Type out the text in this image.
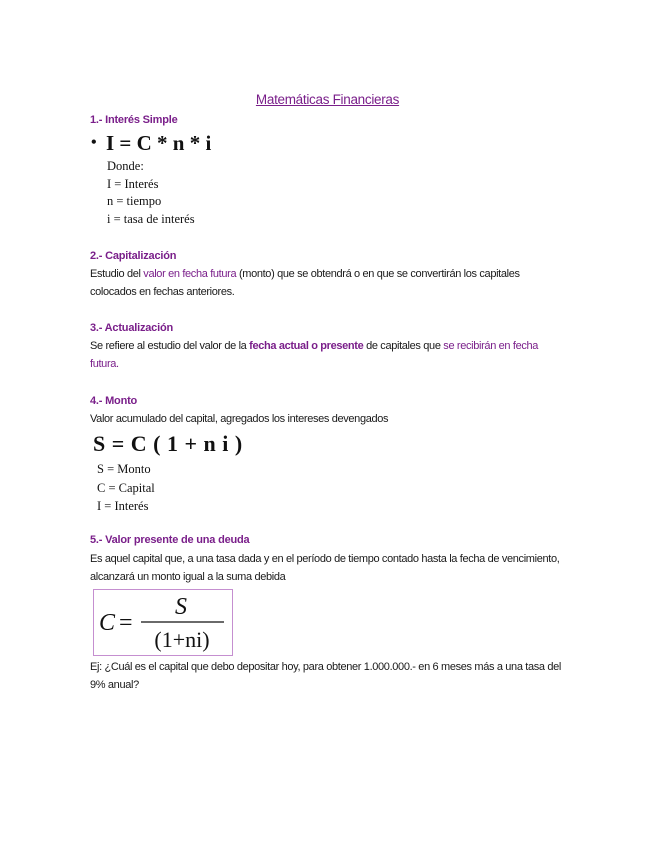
Matemáticas Financieras
1.- Interés Simple
• I = C * n * i
Donde:
I = Interés
n = tiempo
i = tasa de interés
2.- Capitalización
Estudio del valor en fecha futura (monto) que se obtendrá o en que se convertirán los capitales colocados en fechas anteriores.
3.- Actualización
Se refiere al estudio del valor de la fecha actual o presente de capitales que se recibirán en fecha futura.
4.- Monto
Valor acumulado del capital, agregados los intereses devengados
S = C ( 1 + n i )
S = Monto
C = Capital
I = Interés
5.- Valor presente de una deuda
Es aquel capital que, a una tasa dada y en el período de tiempo contado hasta la fecha de vencimiento, alcanzará un monto igual a la suma debida
C =
S
(1+ni)
Ej: ¿Cuál es el capital que debo depositar hoy, para obtener 1.000.000.- en 6 meses más a una tasa del 9% anual?
